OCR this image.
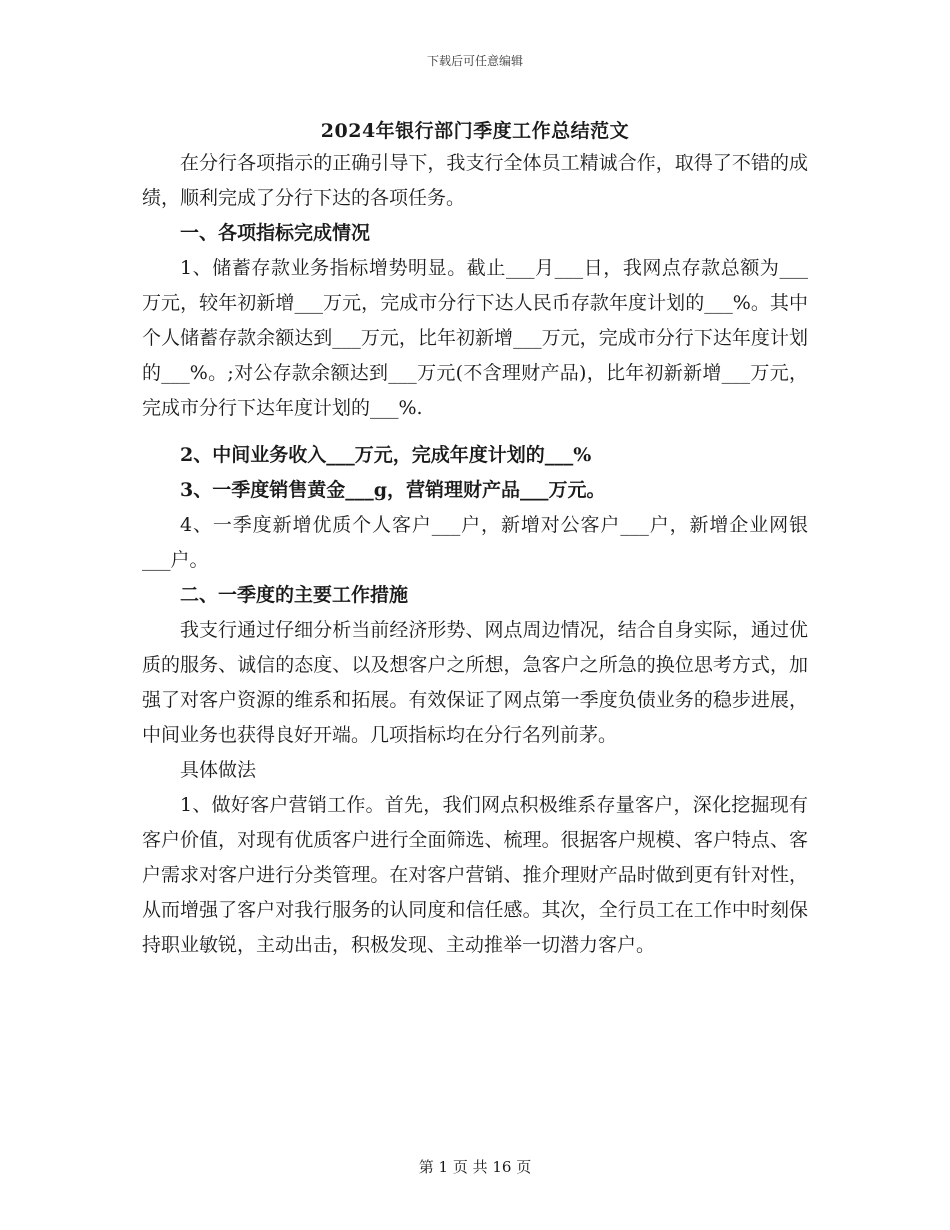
下载后可任意编辑
2024年银行部门季度工作总结范文

在分行各项指示的正确引导下，我支行全体员工精诚合作，取得了不错的成绩，顺利完成了分行下达的各项任务。

一、各项指标完成情况

1、储蓄存款业务指标增势明显。截止___月___日，我网点存款总额为___万元，较年初新增___万元，完成市分行下达人民币存款年度计划的___%。其中个人储蓄存款余额达到___万元，比年初新增___万元，完成市分行下达年度计划的___%。;对公存款余额达到___万元(不含理财产品)，比年初新新增___万元，完成市分行下达年度计划的___%.

2、中间业务收入___万元，完成年度计划的___%

3、一季度销售黄金___g，营销理财产品___万元。

4、一季度新增优质个人客户___户，新增对公客户___户，新增企业网银___户。

二、一季度的主要工作措施

我支行通过仔细分析当前经济形势、网点周边情况，结合自身实际，通过优质的服务、诚信的态度、以及想客户之所想，急客户之所急的换位思考方式，加强了对客户资源的维系和拓展。有效保证了网点第一季度负债业务的稳步进展，中间业务也获得良好开端。几项指标均在分行名列前茅。

具体做法

1、做好客户营销工作。首先，我们网点积极维系存量客户，深化挖掘现有客户价值，对现有优质客户进行全面筛选、梳理。很据客户规模、客户特点、客户需求对客户进行分类管理。在对客户营销、推介理财产品时做到更有针对性，从而增强了客户对我行服务的认同度和信任感。其次，全行员工在工作中时刻保持职业敏锐，主动出击，积极发现、主动推举一切潜力客户。

第 1 页 共 16 页
